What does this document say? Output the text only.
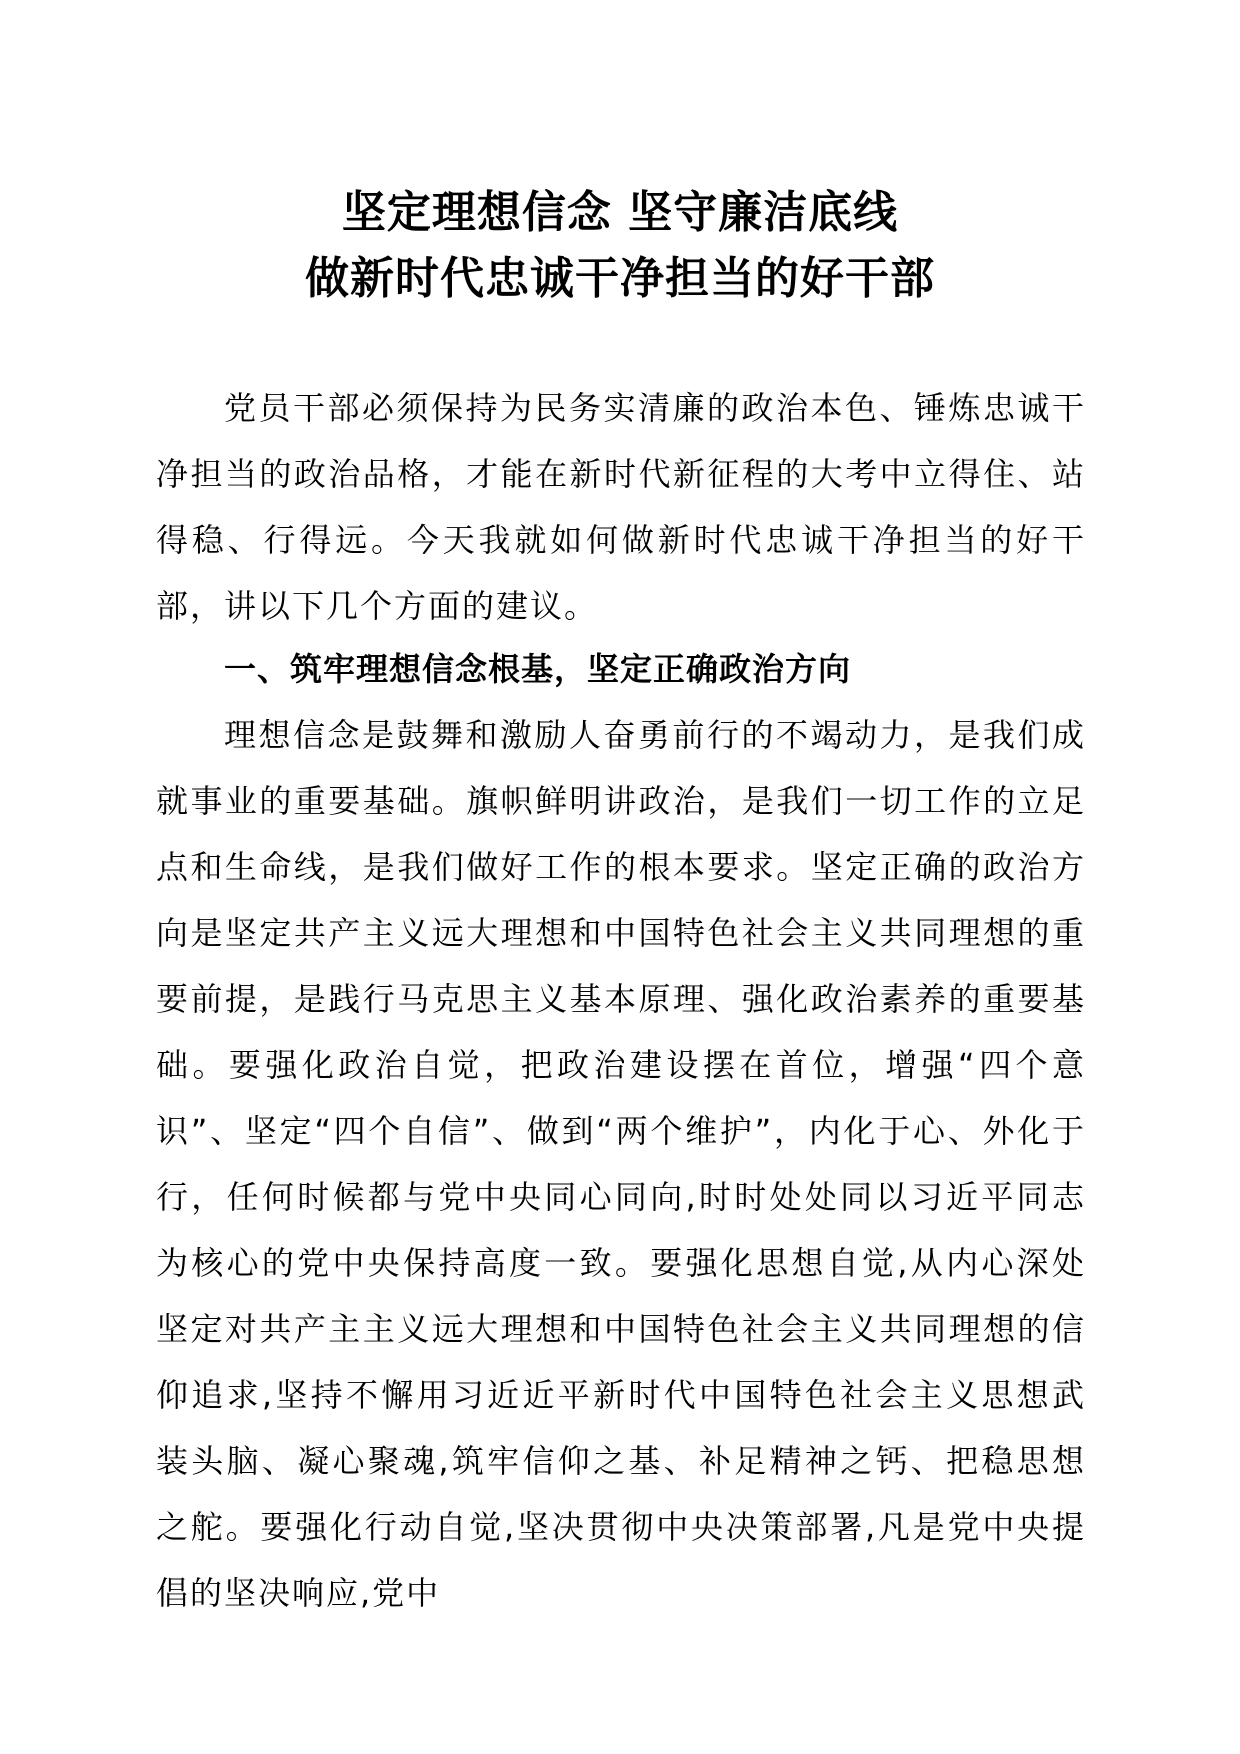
坚定理想信念 坚守廉洁底线
做新时代忠诚干净担当的好干部

党员干部必须保持为民务实清廉的政治本色、锤炼忠诚干净担当的政治品格，才能在新时代新征程的大考中立得住、站得稳、行得远。今天我就如何做新时代忠诚干净担当的好干部，讲以下几个方面的建议。

一、筑牢理想信念根基，坚定正确政治方向

理想信念是鼓舞和激励人奋勇前行的不竭动力，是我们成就事业的重要基础。旗帜鲜明讲政治，是我们一切工作的立足点和生命线，是我们做好工作的根本要求。坚定正确的政治方向是坚定共产主义远大理想和中国特色社会主义共同理想的重要前提，是践行马克思主义基本原理、强化政治素养的重要基础。要强化政治自觉，把政治建设摆在首位，增强“四个意识”、坚定“四个自信”、做到“两个维护”，内化于心、外化于行，任何时候都与党中央同心同向,时时处处同以习近平同志为核心的党中央保持高度一致。要强化思想自觉,从内心深处坚定对共产主主义远大理想和中国特色社会主义共同理想的信仰追求,坚持不懈用习近近平新时代中国特色社会主义思想武装头脑、凝心聚魂,筑牢信仰之基、补足精神之钙、把稳思想之舵。要强化行动自觉,坚决贯彻中央决策部署,凡是党中央提倡的坚决响应,党中
